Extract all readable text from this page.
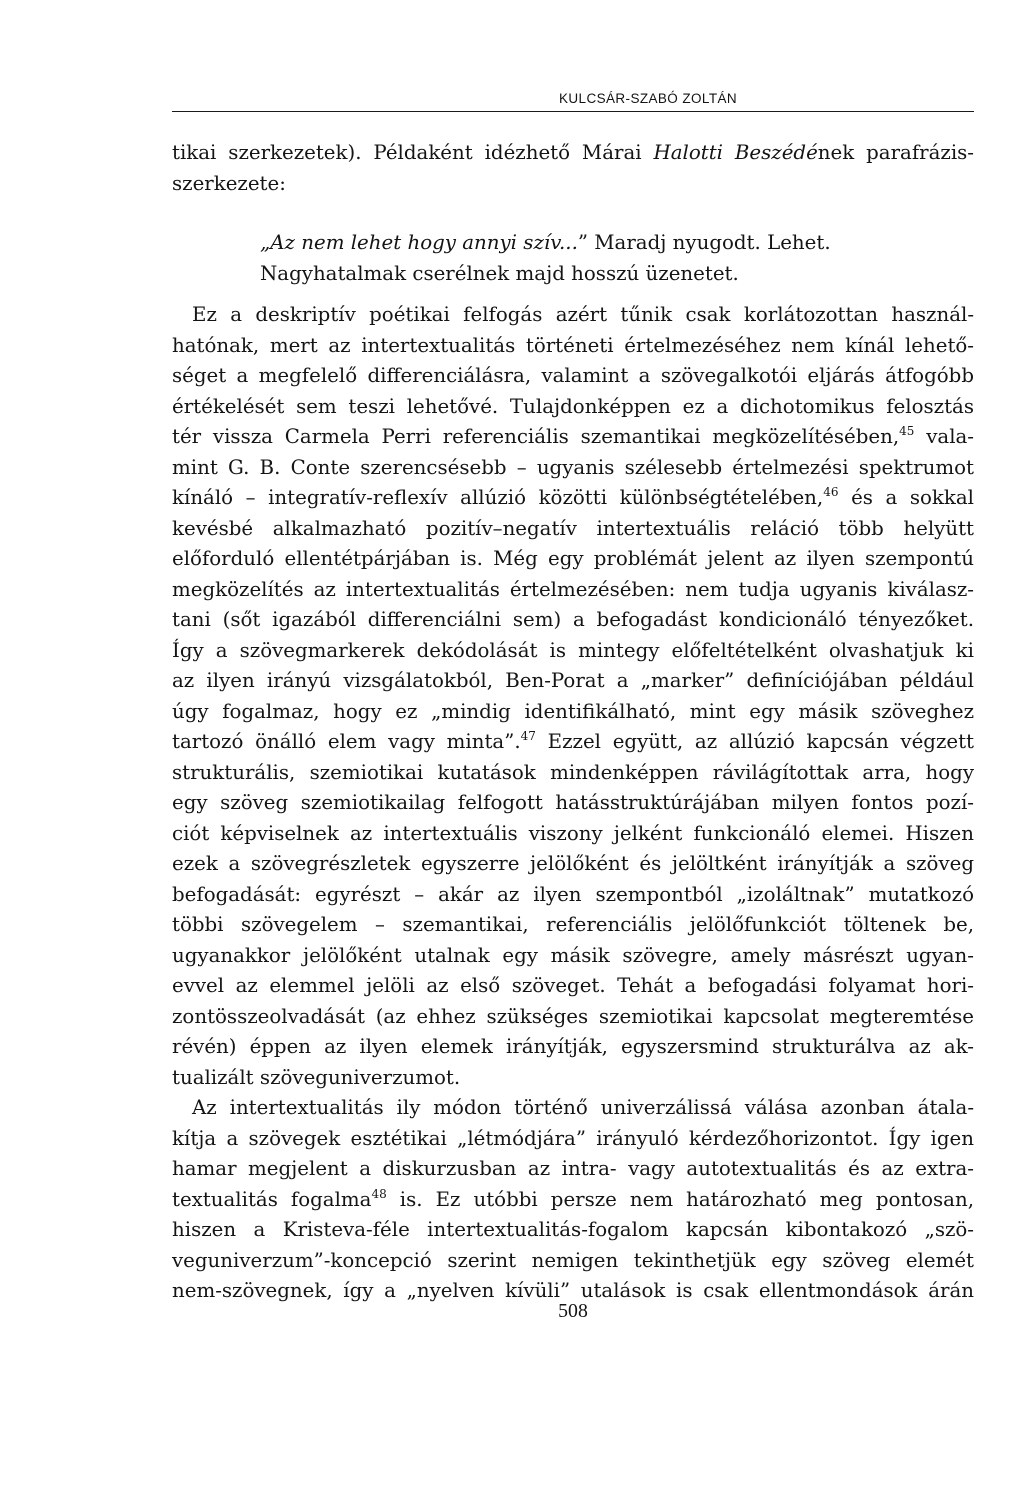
KULCSÁR-SZABÓ ZOLTÁN
tikai szerkezetek). Példaként idézhető Márai Halotti Beszédének parafrázis-
szerkezete:
„Az nem lehet hogy annyi szív...” Maradj nyugodt. Lehet.
Nagyhatalmak cserélnek majd hosszú üzenetet.
Ez a deskriptív poétikai felfogás azért tűnik csak korlátozottan használ-
hatónak, mert az intertextualitás történeti értelmezéséhez nem kínál lehető-
séget a megfelelő differenciálásra, valamint a szövegalkotói eljárás átfogóbb
értékelését sem teszi lehetővé. Tulajdonképpen ez a dichotomikus felosztás
tér vissza Carmela Perri referenciális szemantikai megközelítésében,$^{45}$ vala-
mint G. B. Conte szerencsésebb – ugyanis szélesebb értelmezési spektrumot
kínáló – integratív-reflexív allúzió közötti különbségtételében,$^{46}$ és a sokkal
kevésbé alkalmazható pozitív–negatív intertextuális reláció több helyütt
előforduló ellentétpárjában is. Még egy problémát jelent az ilyen szempontú
megközelítés az intertextualitás értelmezésében: nem tudja ugyanis kiválasz-
tani (sőt igazából differenciálni sem) a befogadást kondicionáló tényezőket.
Így a szövegmarkerek dekódolását is mintegy előfeltételként olvashatjuk ki
az ilyen irányú vizsgálatokból, Ben-Porat a „marker” definíciójában például
úgy fogalmaz, hogy ez „mindig identifikálható, mint egy másik szöveghez
tartozó önálló elem vagy minta”.$^{47}$ Ezzel együtt, az allúzió kapcsán végzett
strukturális, szemiotikai kutatások mindenképpen rávilágítottak arra, hogy
egy szöveg szemiotikailag felfogott hatásstruktúrájában milyen fontos pozí-
ciót képviselnek az intertextuális viszony jelként funkcionáló elemei. Hiszen
ezek a szövegrészletek egyszerre jelölőként és jelöltként irányítják a szöveg
befogadását: egyrészt – akár az ilyen szempontból „izoláltnak” mutatkozó
többi szövegelem – szemantikai, referenciális jelölőfunkciót töltenek be,
ugyanakkor jelölőként utalnak egy másik szövegre, amely másrészt ugyan-
evvel az elemmel jelöli az első szöveget. Tehát a befogadási folyamat hori-
zontösszeolvadását (az ehhez szükséges szemiotikai kapcsolat megteremtése
révén) éppen az ilyen elemek irányítják, egyszersmind strukturálva az ak-
tualizált szöveguniverzumot.
Az intertextualitás ily módon történő univerzálissá válása azonban átala-
kítja a szövegek esztétikai „létmódjára” irányuló kérdezőhorizontot. Így igen
hamar megjelent a diskurzusban az intra- vagy autotextualitás és az extra-
textualitás fogalma$^{48}$ is. Ez utóbbi persze nem határozható meg pontosan,
hiszen a Kristeva-féle intertextualitás-fogalom kapcsán kibontakozó „szö-
veguniverzum”-koncepció szerint nemigen tekinthetjük egy szöveg elemét
nem-szövegnek, így a „nyelven kívüli” utalások is csak ellentmondások árán
508
